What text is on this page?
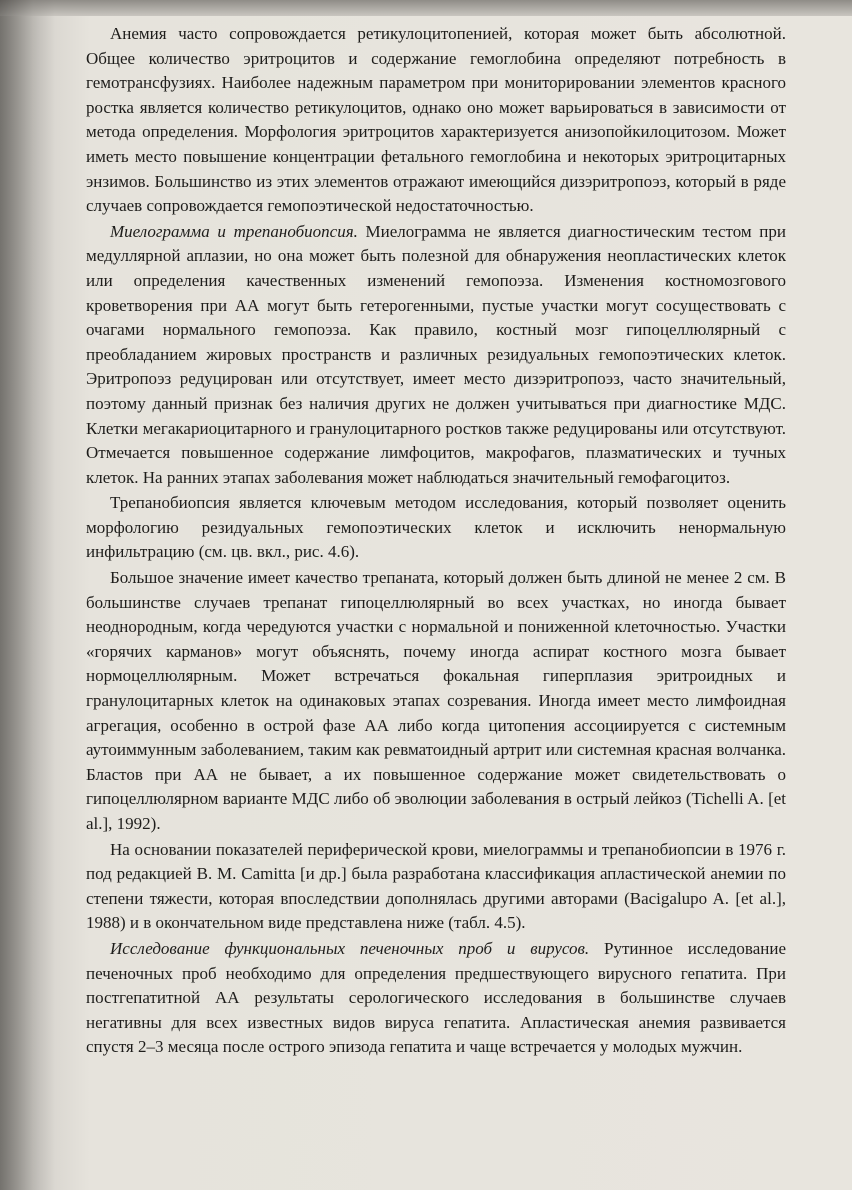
Анемия часто сопровождается ретикулоцитопенией, которая может быть абсолютной. Общее количество эритроцитов и содержание гемоглобина определяют потребность в гемотрансфузиях. Наиболее надежным параметром при мониторировании элементов красного ростка является количество ретикулоцитов, однако оно может варьироваться в зависимости от метода определения. Морфология эритроцитов характеризуется анизопойкилоцитозом. Может иметь место повышение концентрации фетального гемоглобина и некоторых эритроцитарных энзимов. Большинство из этих элементов отражают имеющийся дизэритропоэз, который в ряде случаев сопровождается гемопоэтической недостаточностью.

Миелограмма и трепанобиопсия. Миелограмма не является диагностическим тестом при медуллярной аплазии, но она может быть полезной для обнаружения неопластических клеток или определения качественных изменений гемопоэза. Изменения костномозгового кроветворения при АА могут быть гетерогенными, пустые участки могут сосуществовать с очагами нормального гемопоэза. Как правило, костный мозг гипоцеллюлярный с преобладанием жировых пространств и различных резидуальных гемопоэтических клеток. Эритропоэз редуцирован или отсутствует, имеет место дизэритропоэз, часто значительный, поэтому данный признак без наличия других не должен учитываться при диагностике МДС. Клетки мегакариоцитарного и гранулоцитарного ростков также редуцированы или отсутствуют. Отмечается повышенное содержание лимфоцитов, макрофагов, плазматических и тучных клеток. На ранних этапах заболевания может наблюдаться значительный гемофагоцитоз.

Трепанобиопсия является ключевым методом исследования, который позволяет оценить морфологию резидуальных гемопоэтических клеток и исключить ненормальную инфильтрацию (см. цв. вкл., рис. 4.6).

Большое значение имеет качество трепаната, который должен быть длиной не менее 2 см. В большинстве случаев трепанат гипоцеллюлярный во всех участках, но иногда бывает неоднородным, когда чередуются участки с нормальной и пониженной клеточностью. Участки «горячих карманов» могут объяснять, почему иногда аспират костного мозга бывает нормоцеллюлярным. Может встречаться фокальная гиперплазия эритроидных и гранулоцитарных клеток на одинаковых этапах созревания. Иногда имеет место лимфоидная агрегация, особенно в острой фазе АА либо когда цитопения ассоциируется с системным аутоиммунным заболеванием, таким как ревматоидный артрит или системная красная волчанка. Бластов при АА не бывает, а их повышенное содержание может свидетельствовать о гипоцеллюлярном варианте МДС либо об эволюции заболевания в острый лейкоз (Tichelli A. [et al.], 1992).

На основании показателей периферической крови, миелограммы и трепанобиопсии в 1976 г. под редакцией B. M. Camitta [и др.] была разработана классификация апластической анемии по степени тяжести, которая впоследствии дополнялась другими авторами (Bacigalupo A. [et al.], 1988) и в окончательном виде представлена ниже (табл. 4.5).

Исследование функциональных печеночных проб и вирусов. Рутинное исследование печеночных проб необходимо для определения предшествующего вирусного гепатита. При постгепатитной АА результаты серологического исследования в большинстве случаев негативны для всех известных видов вируса гепатита. Апластическая анемия развивается спустя 2–3 месяца после острого эпизода гепатита и чаще встречается у молодых мужчин.
